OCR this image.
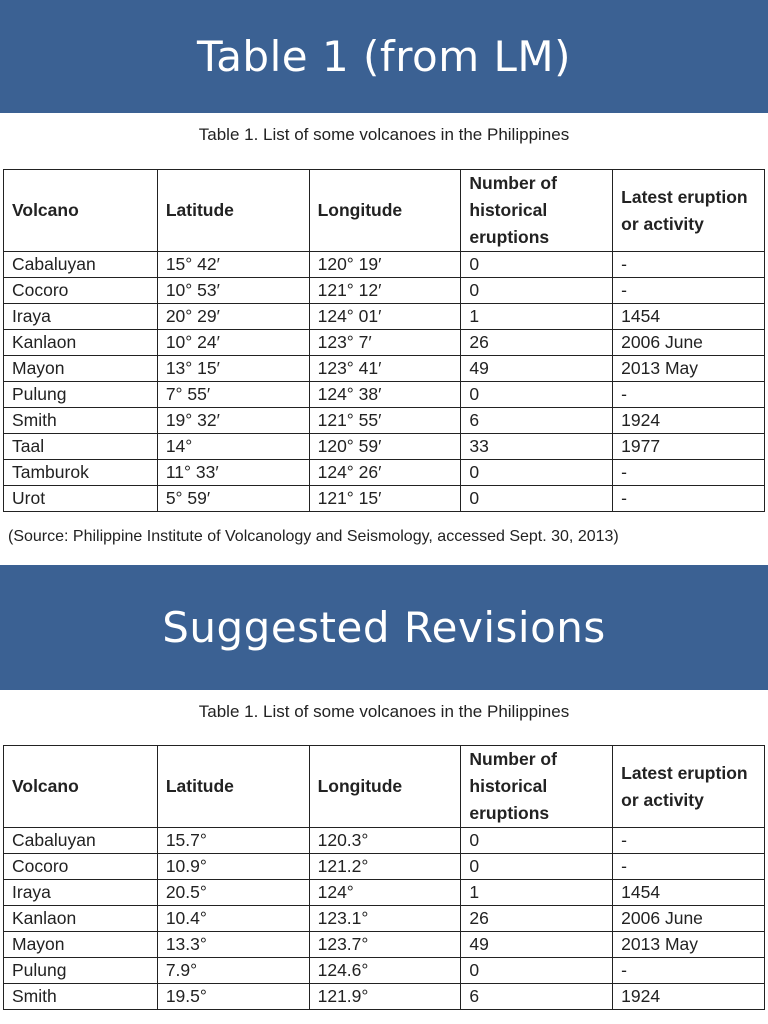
Table 1 (from LM)
Table 1. List of some volcanoes in the Philippines
Volcano	Latitude	Longitude	Number of historical eruptions	Latest eruption or activity
Cabaluyan	15° 42′	120° 19′	0	-
Cocoro	10° 53′	121° 12′	0	-
Iraya	20° 29′	124° 01′	1	1454
Kanlaon	10° 24′	123° 7′	26	2006 June
Mayon	13° 15′	123° 41′	49	2013 May
Pulung	7° 55′	124° 38′	0	-
Smith	19° 32′	121° 55′	6	1924
Taal	14°	120° 59′	33	1977
Tamburok	11° 33′	124° 26′	0	-
Urot	5° 59′	121° 15′	0	-
(Source: Philippine Institute of Volcanology and Seismology, accessed Sept. 30, 2013)
Suggested Revisions
Table 1. List of some volcanoes in the Philippines
Volcano	Latitude	Longitude	Number of historical eruptions	Latest eruption or activity
Cabaluyan	15.7°	120.3°	0	-
Cocoro	10.9°	121.2°	0	-
Iraya	20.5°	124°	1	1454
Kanlaon	10.4°	123.1°	26	2006 June
Mayon	13.3°	123.7°	49	2013 May
Pulung	7.9°	124.6°	0	-
Smith	19.5°	121.9°	6	1924
